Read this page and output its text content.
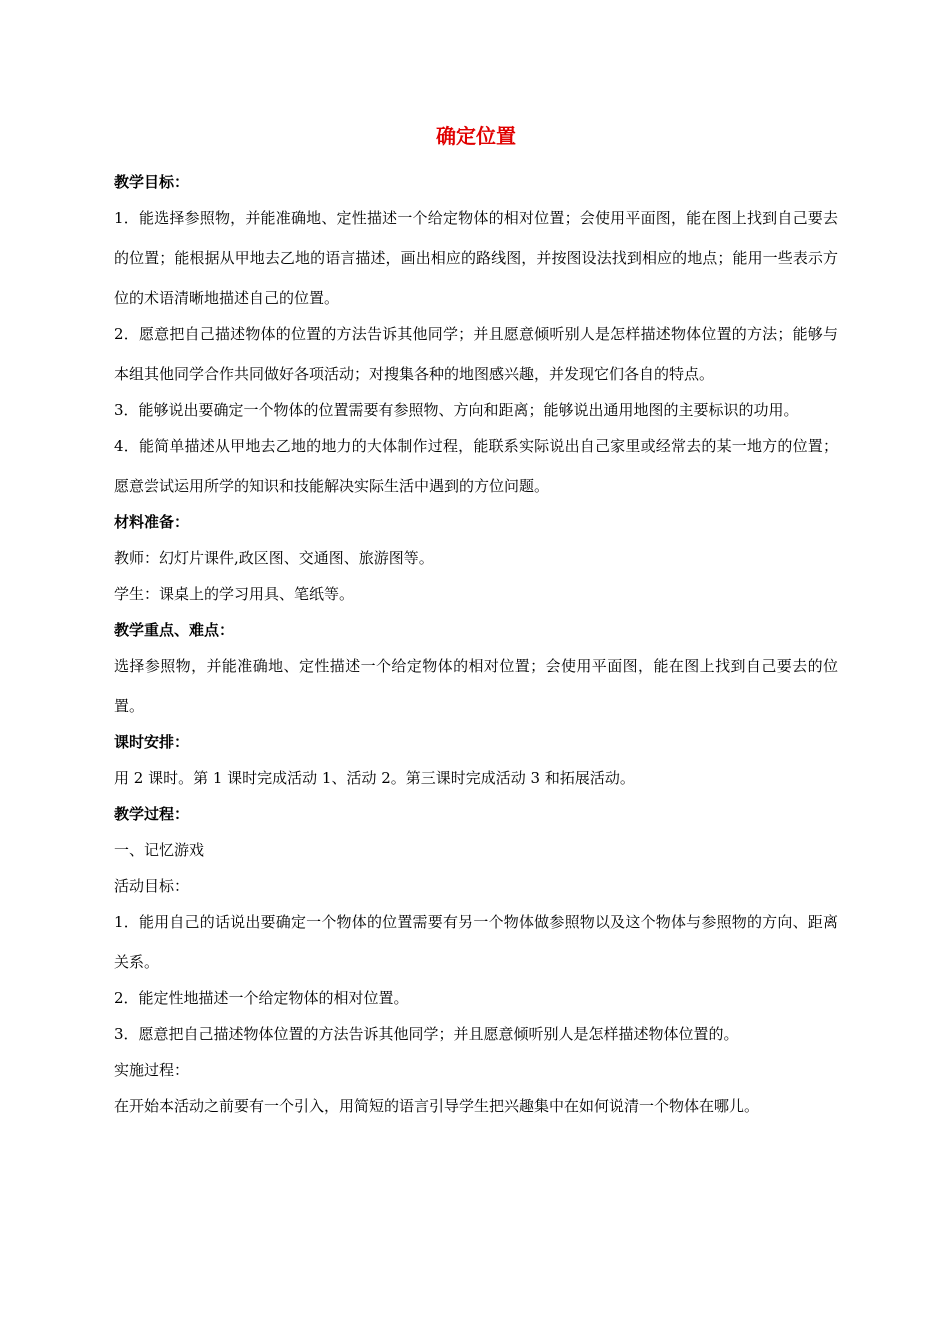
确定位置
教学目标：
1．能选择参照物，并能准确地、定性描述一个给定物体的相对位置；会使用平面图，能在图上找到自己要去的位置；能根据从甲地去乙地的语言描述，画出相应的路线图，并按图设法找到相应的地点；能用一些表示方位的术语清晰地描述自己的位置。
2．愿意把自己描述物体的位置的方法告诉其他同学；并且愿意倾听别人是怎样描述物体位置的方法；能够与本组其他同学合作共同做好各项活动；对搜集各种的地图感兴趣，并发现它们各自的特点。
3．能够说出要确定一个物体的位置需要有参照物、方向和距离；能够说出通用地图的主要标识的功用。
4．能简单描述从甲地去乙地的地力的大体制作过程，能联系实际说出自己家里或经常去的某一地方的位置；愿意尝试运用所学的知识和技能解决实际生活中遇到的方位问题。
材料准备：
教师：幻灯片课件,政区图、交通图、旅游图等。
学生：课桌上的学习用具、笔纸等。
教学重点、难点：
选择参照物，并能准确地、定性描述一个给定物体的相对位置；会使用平面图，能在图上找到自己要去的位置。
课时安排：
用 2 课时。第 1 课时完成活动 1、活动 2。第三课时完成活动 3 和拓展活动。
教学过程：
一、记忆游戏
活动目标：
1．能用自己的话说出要确定一个物体的位置需要有另一个物体做参照物以及这个物体与参照物的方向、距离关系。
2．能定性地描述一个给定物体的相对位置。
3．愿意把自己描述物体位置的方法告诉其他同学；并且愿意倾听别人是怎样描述物体位置的。
实施过程：
在开始本活动之前要有一个引入，用简短的语言引导学生把兴趣集中在如何说清一个物体在哪儿。
